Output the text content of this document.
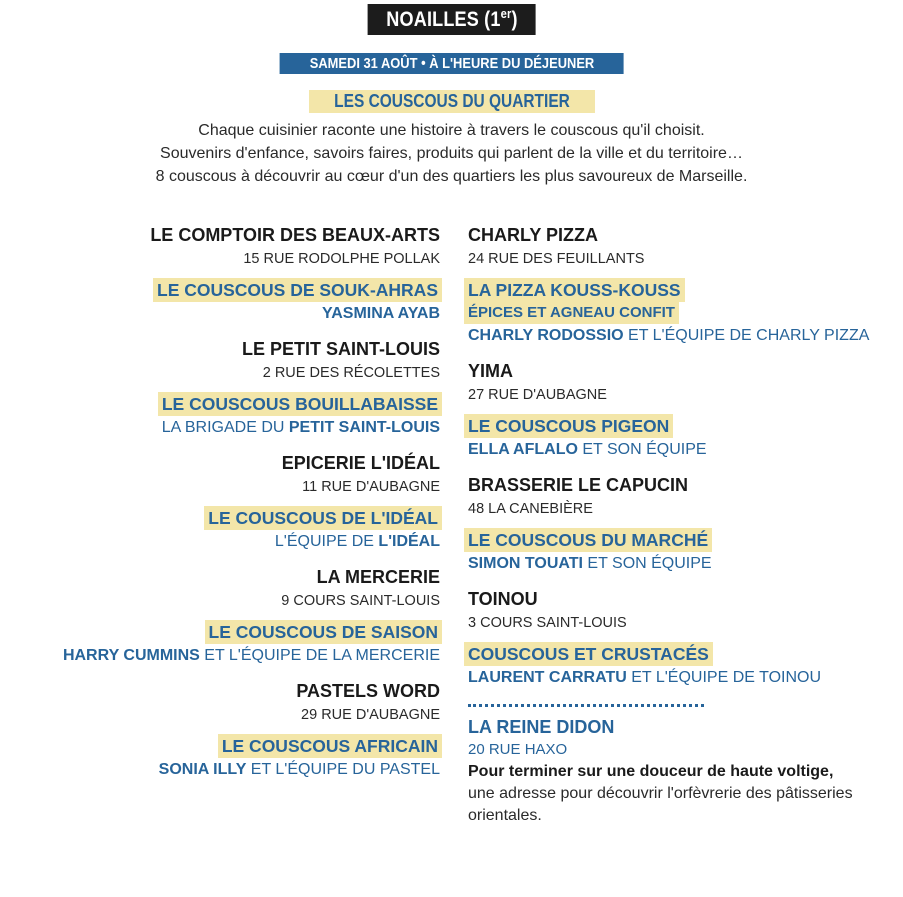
NOAILLES (1er)
SAMEDI 31 AOÛT • À L'HEURE DU DÉJEUNER
LES COUSCOUS DU QUARTIER
Chaque cuisinier raconte une histoire à travers le couscous qu'il choisit.
Souvenirs d'enfance, savoirs faires, produits qui parlent de la ville et du territoire…
8 couscous à découvrir au cœur d'un des quartiers les plus savoureux de Marseille.
LE COMPTOIR DES BEAUX-ARTS
15 RUE RODOLPHE POLLAK
LE COUSCOUS DE SOUK-AHRAS
YASMINA AYAB
LE PETIT SAINT-LOUIS
2 RUE DES RÉCOLETTES
LE COUSCOUS BOUILLABAISSE
LA BRIGADE DU PETIT SAINT-LOUIS
EPICERIE L'IDÉAL
11 RUE D'AUBAGNE
LE COUSCOUS DE L'IDÉAL
L'ÉQUIPE DE L'IDÉAL
LA MERCERIE
9 COURS SAINT-LOUIS
LE COUSCOUS DE SAISON
HARRY CUMMINS ET L'ÉQUIPE DE LA MERCERIE
PASTELS WORD
29 RUE D'AUBAGNE
LE COUSCOUS AFRICAIN
SONIA ILLY ET L'ÉQUIPE DU PASTEL
CHARLY PIZZA
24 RUE DES FEUILLANTS
LA PIZZA KOUSS-KOUSS
ÉPICES ET AGNEAU CONFIT
CHARLY RODOSSIO ET L'ÉQUIPE DE CHARLY PIZZA
YIMA
27 RUE D'AUBAGNE
LE COUSCOUS PIGEON
ELLA AFLALO ET SON ÉQUIPE
BRASSERIE LE CAPUCIN
48 LA CANEBIÈRE
LE COUSCOUS DU MARCHÉ
SIMON TOUATI ET SON ÉQUIPE
TOINOU
3 COURS SAINT-LOUIS
COUSCOUS ET CRUSTACÉS
LAURENT CARRATU ET L'ÉQUIPE DE TOINOU
LA REINE DIDON
20 RUE HAXO
Pour terminer sur une douceur de haute voltige,
une adresse pour découvrir l'orfèvrerie des pâtisseries orientales.
